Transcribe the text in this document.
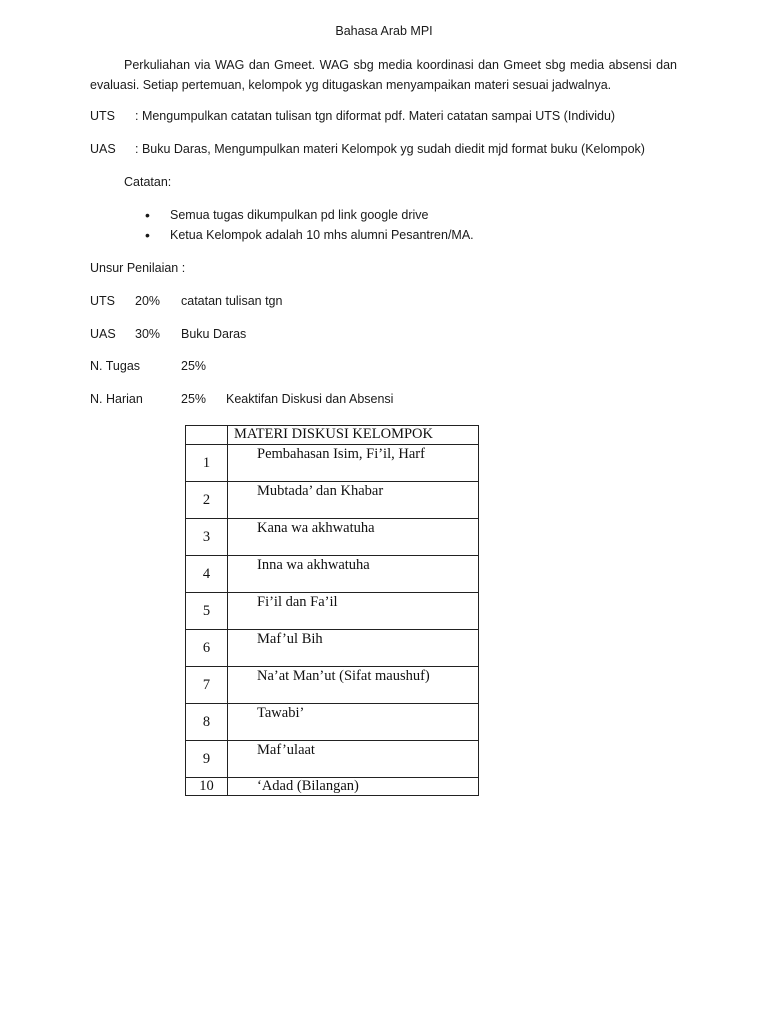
Bahasa Arab MPI
Perkuliahan via WAG dan Gmeet. WAG sbg media koordinasi dan Gmeet sbg media absensi dan evaluasi. Setiap pertemuan, kelompok yg ditugaskan menyampaikan materi sesuai jadwalnya.
UTS : Mengumpulkan catatan tulisan tgn diformat pdf. Materi catatan sampai UTS (Individu)
UAS : Buku Daras, Mengumpulkan materi Kelompok yg sudah diedit mjd format buku (Kelompok)
Catatan:
• Semua tugas dikumpulkan pd link google drive
• Ketua Kelompok adalah 10 mhs alumni Pesantren/MA.
Unsur Penilaian :
UTS 20% catatan tulisan tgn
UAS 30% Buku Daras
N. Tugas	25%
N. Harian	25% Keaktifan Diskusi dan Absensi
	MATERI DISKUSI KELOMPOK
1	Pembahasan Isim, Fi’il, Harf

2	Mubtada’ dan Khabar

3	Kana wa akhwatuha

4	Inna wa akhwatuha

5	Fi’il dan Fa’il

6	Maf’ul Bih

7	Na’at Man’ut (Sifat maushuf)

8	Tawabi’

9	Maf’ulaat

10	‘Adad (Bilangan)
